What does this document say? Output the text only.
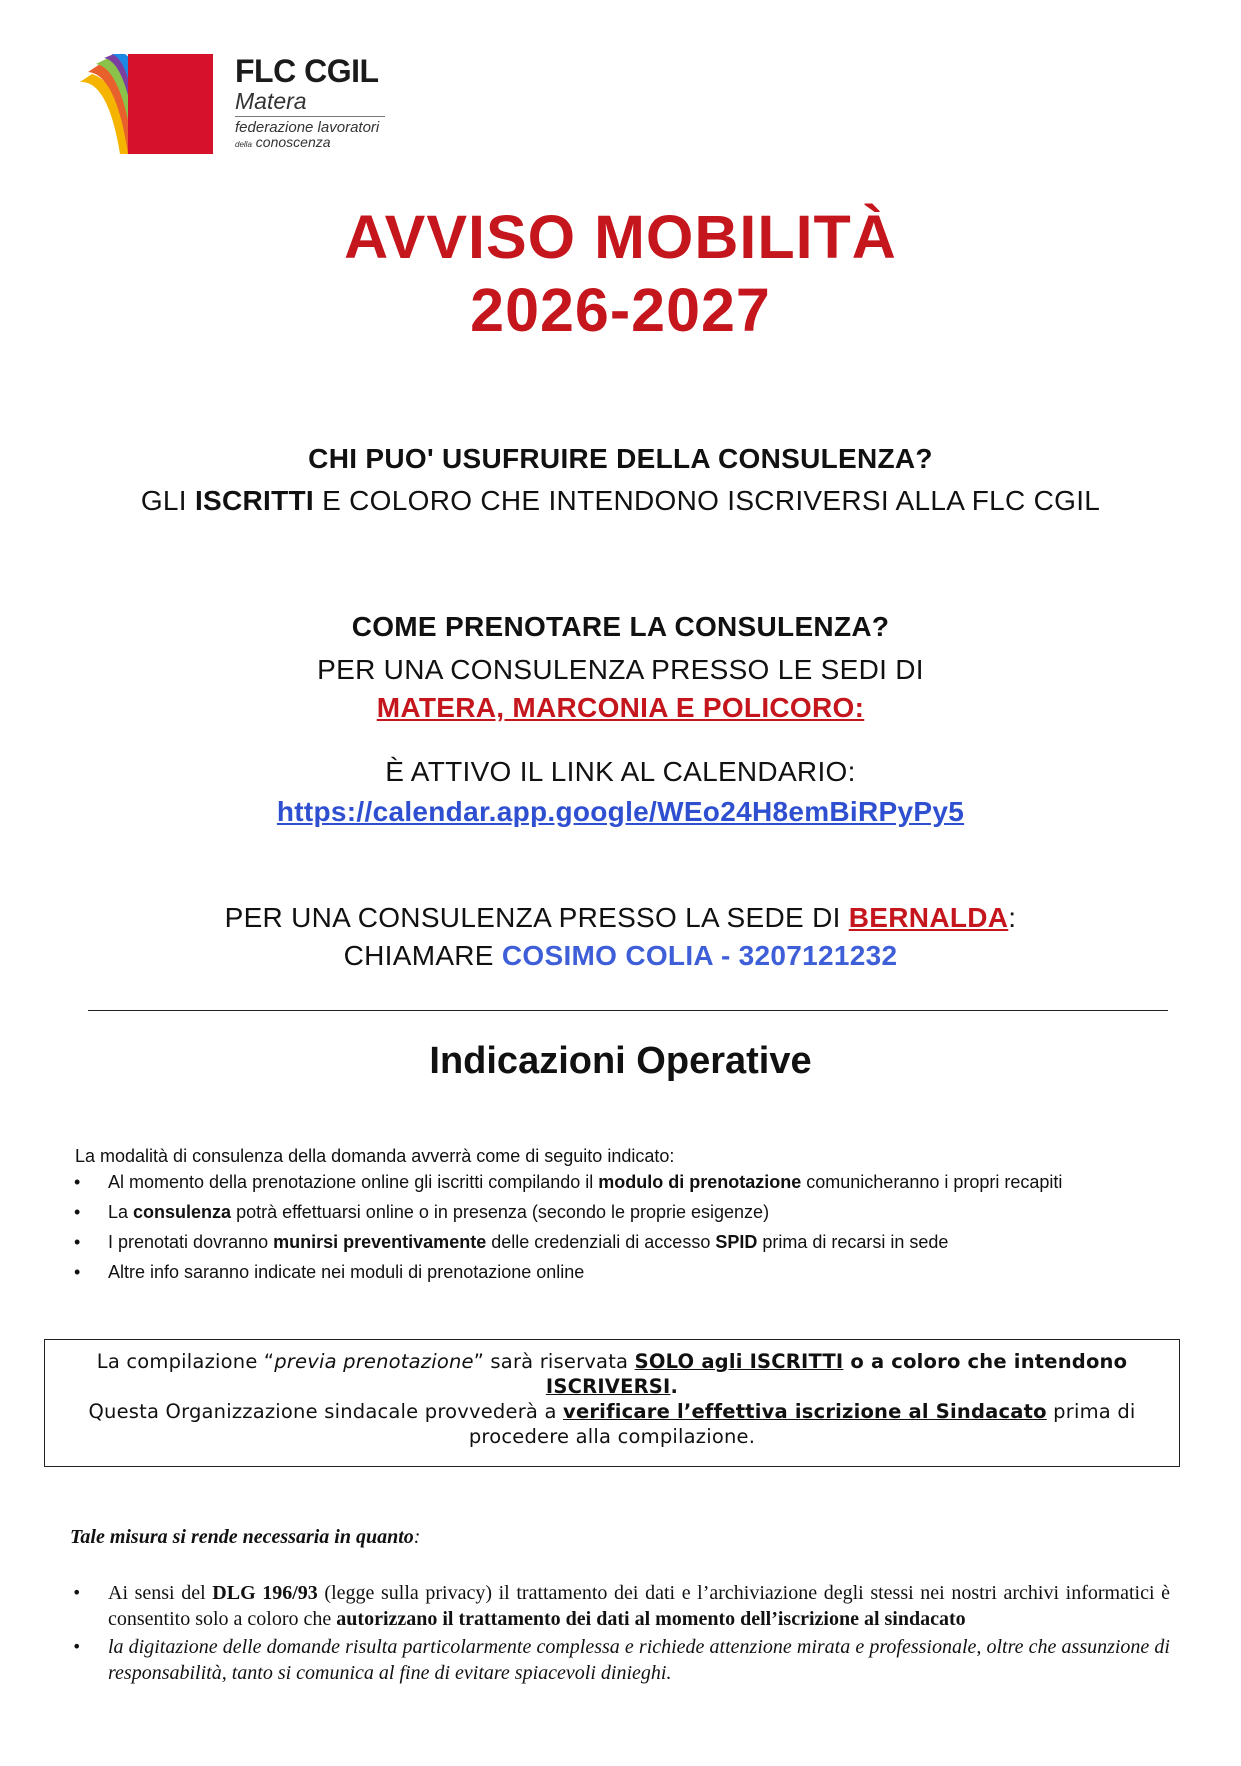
FLC CGIL
Matera
federazione lavoratori
della conoscenza
AVVISO MOBILITÀ
2026-2027
CHI PUO' USUFRUIRE DELLA CONSULENZA?
GLI ISCRITTI E COLORO CHE INTENDONO ISCRIVERSI ALLA FLC CGIL
COME PRENOTARE LA CONSULENZA?
PER UNA CONSULENZA PRESSO LE SEDI DI
MATERA, MARCONIA E POLICORO:
È ATTIVO IL LINK AL CALENDARIO:
https://calendar.app.google/WEo24H8emBiRPyPy5
PER UNA CONSULENZA PRESSO LA SEDE DI BERNALDA:
CHIAMARE COSIMO COLIA - 3207121232
Indicazioni Operative
La modalità di consulenza della domanda avverrà come di seguito indicato:
• Al momento della prenotazione online gli iscritti compilando il modulo di prenotazione comunicheranno i propri recapiti
• La consulenza potrà effettuarsi online o in presenza (secondo le proprie esigenze)
• I prenotati dovranno munirsi preventivamente delle credenziali di accesso SPID prima di recarsi in sede
• Altre info saranno indicate nei moduli di prenotazione online
La compilazione “previa prenotazione” sarà riservata SOLO agli ISCRITTI o a coloro che intendono ISCRIVERSI.
Questa Organizzazione sindacale provvederà a verificare l’effettiva iscrizione al Sindacato prima di procedere alla compilazione.
Tale misura si rende necessaria in quanto:
• Ai sensi del DLG 196/93 (legge sulla privacy) il trattamento dei dati e l’archiviazione degli stessi nei nostri archivi informatici è consentito solo a coloro che autorizzano il trattamento dei dati al momento dell’iscrizione al sindacato
• la digitazione delle domande risulta particolarmente complessa e richiede attenzione mirata e professionale, oltre che assunzione di responsabilità, tanto si comunica al fine di evitare spiacevoli dinieghi.
